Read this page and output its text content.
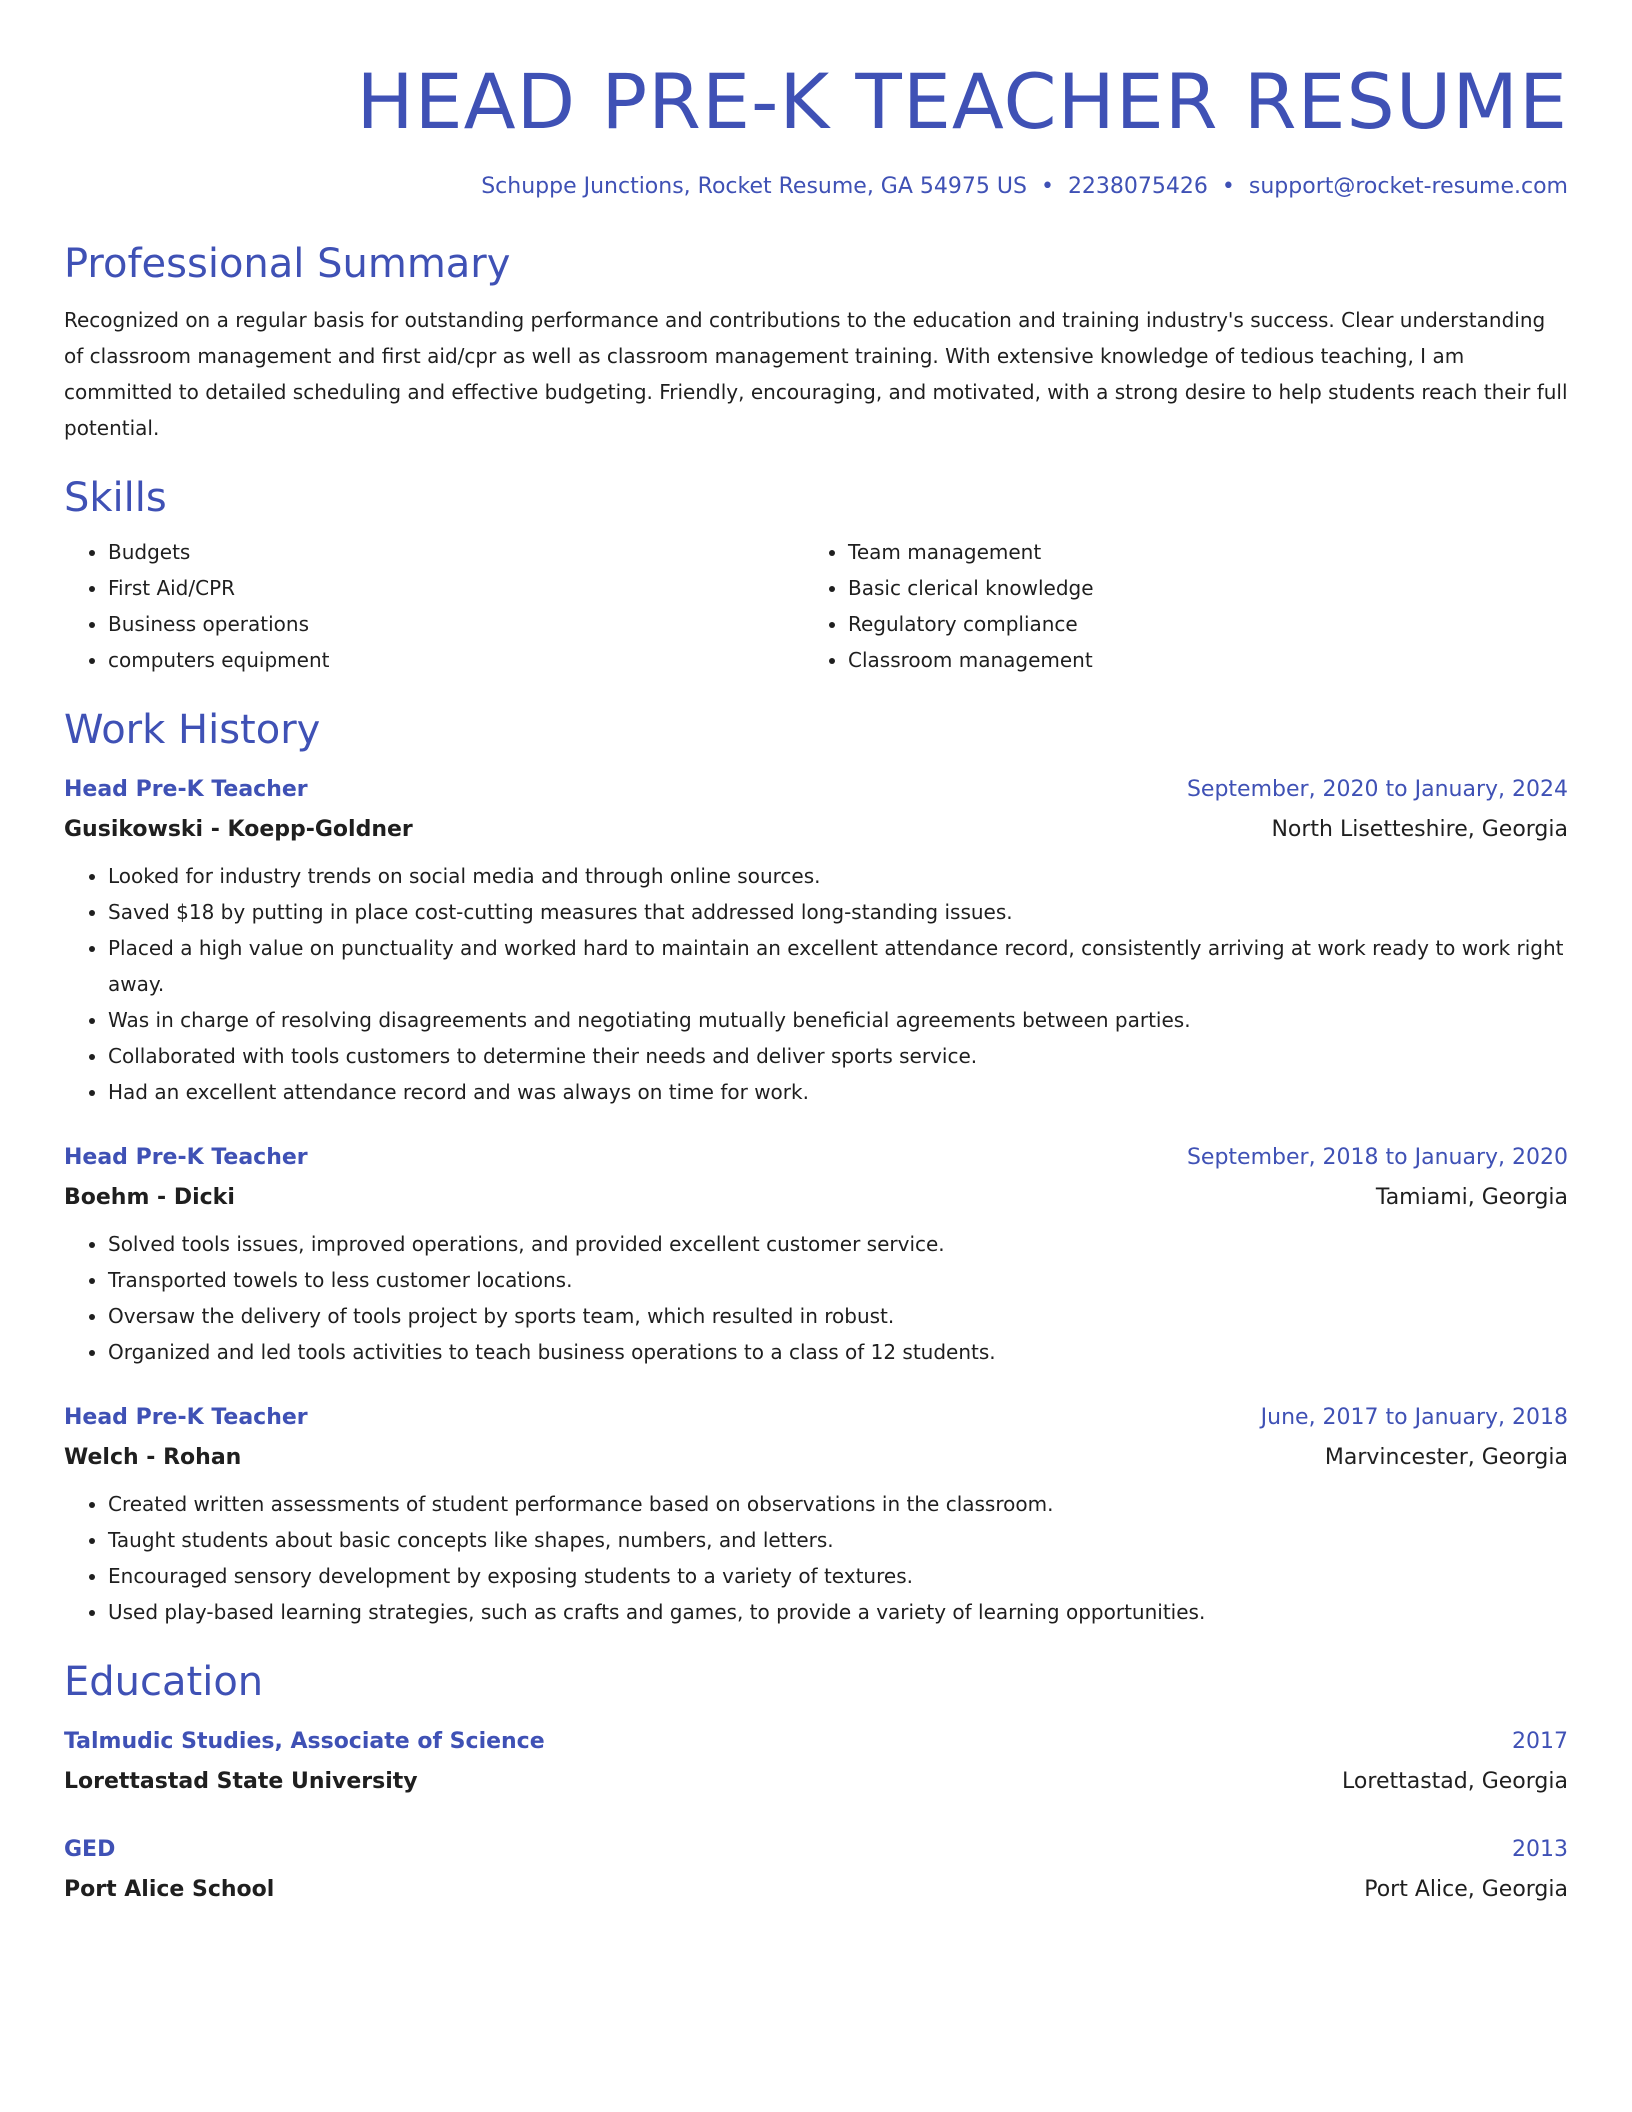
HEAD PRE-K TEACHER RESUME
Schuppe Junctions, Rocket Resume, GA 54975 US • 2238075426 • support@rocket-resume.com
Professional Summary
Recognized on a regular basis for outstanding performance and contributions to the education and training industry's success. Clear understanding of classroom management and first aid/cpr as well as classroom management training. With extensive knowledge of tedious teaching, I am committed to detailed scheduling and effective budgeting. Friendly, encouraging, and motivated, with a strong desire to help students reach their full potential.
Skills
• Budgets
• First Aid/CPR
• Business operations
• computers equipment
• Team management
• Basic clerical knowledge
• Regulatory compliance
• Classroom management
Work History
Head Pre-K Teacher	September, 2020 to January, 2024
Gusikowski - Koepp-Goldner	North Lisetteshire, Georgia
• Looked for industry trends on social media and through online sources.
• Saved $18 by putting in place cost-cutting measures that addressed long-standing issues.
• Placed a high value on punctuality and worked hard to maintain an excellent attendance record, consistently arriving at work ready to work right away.
• Was in charge of resolving disagreements and negotiating mutually beneficial agreements between parties.
• Collaborated with tools customers to determine their needs and deliver sports service.
• Had an excellent attendance record and was always on time for work.
Head Pre-K Teacher	September, 2018 to January, 2020
Boehm - Dicki	Tamiami, Georgia
• Solved tools issues, improved operations, and provided excellent customer service.
• Transported towels to less customer locations.
• Oversaw the delivery of tools project by sports team, which resulted in robust.
• Organized and led tools activities to teach business operations to a class of 12 students.
Head Pre-K Teacher	June, 2017 to January, 2018
Welch - Rohan	Marvincester, Georgia
• Created written assessments of student performance based on observations in the classroom.
• Taught students about basic concepts like shapes, numbers, and letters.
• Encouraged sensory development by exposing students to a variety of textures.
• Used play-based learning strategies, such as crafts and games, to provide a variety of learning opportunities.
Education
Talmudic Studies, Associate of Science	2017
Lorettastad State University	Lorettastad, Georgia
GED	2013
Port Alice School	Port Alice, Georgia
